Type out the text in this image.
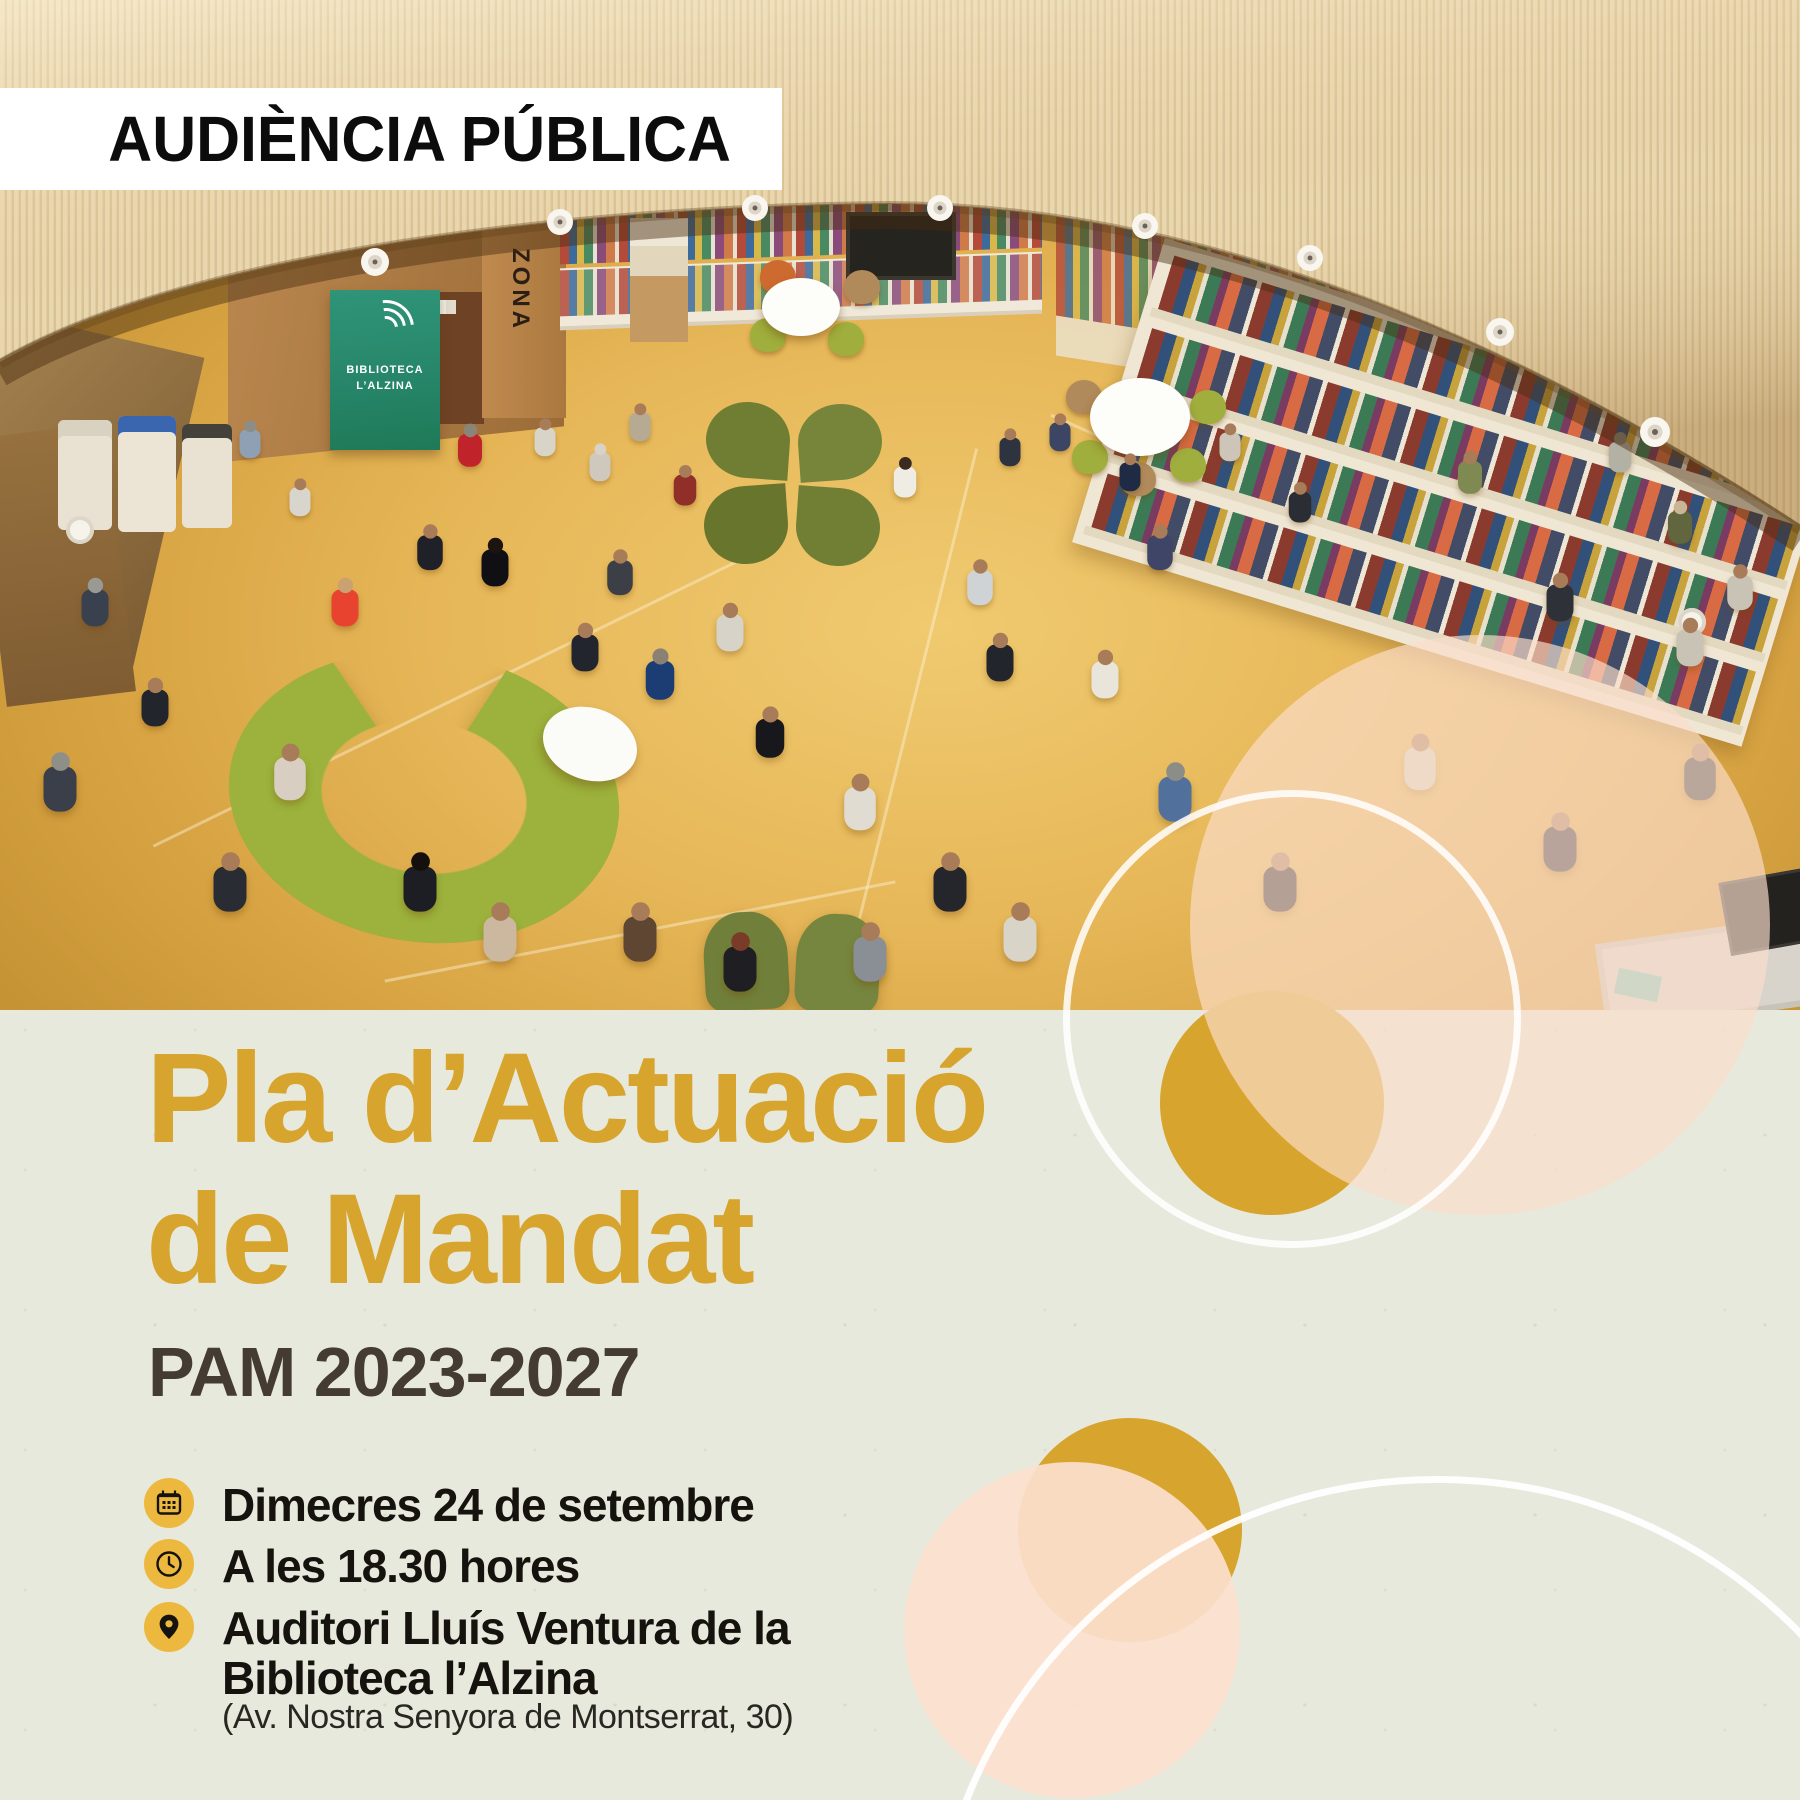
ZONA
BIBLIOTECA
L’ALZINA
AUDIÈNCIA PÚBLICA
Pla d’Actuació
de Mandat
PAM 2023-2027
Dimecres 24 de setembre
A les 18.30 hores
Auditori Lluís Ventura de la
Biblioteca l’Alzina
(Av. Nostra Senyora de Montserrat, 30)
